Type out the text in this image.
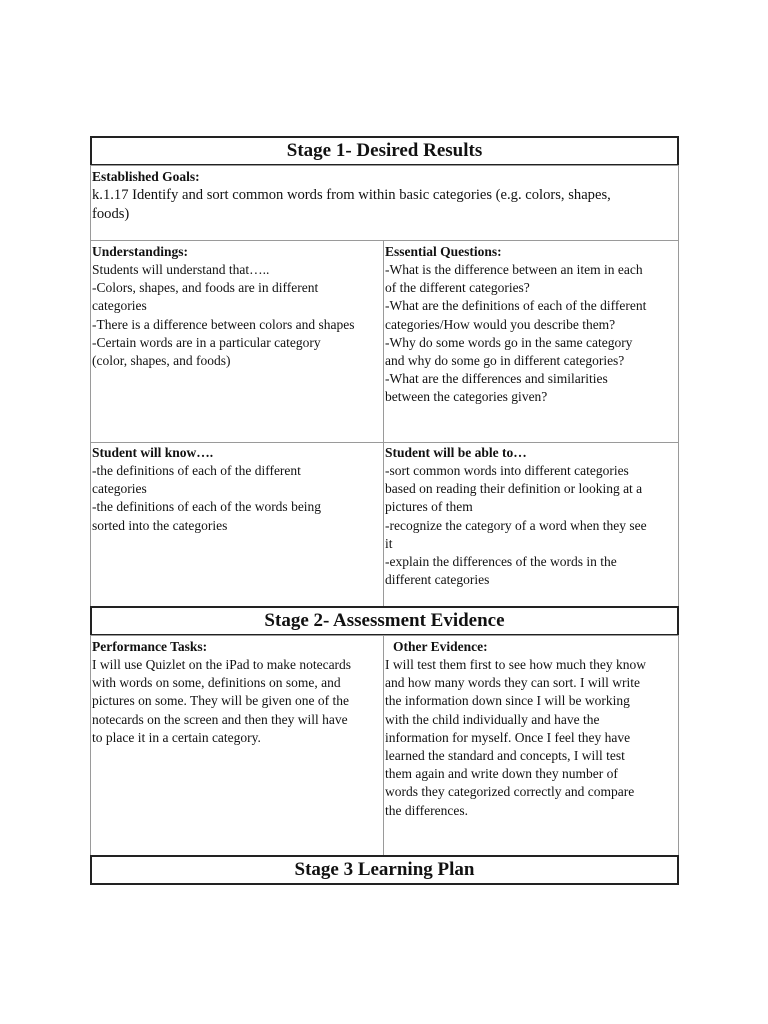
Stage 1- Desired Results
Established Goals:
k.1.17 Identify and sort common words from within basic categories (e.g. colors, shapes,
foods)
Understandings:
Students will understand that…..
-Colors, shapes, and foods are in different
categories
-There is a difference between colors and shapes
-Certain words are in a particular category
(color, shapes, and foods)
Essential Questions:
-What is the difference between an item in each
of the different categories?
-What are the definitions of each of the different
categories/How would you describe them?
-Why do some words go in the same category
and why do some go in different categories?
-What are the differences and similarities
between the categories given?
Student will know….
-the definitions of each of the different
categories
-the definitions of each of the words being
sorted into the categories
Student will be able to…
-sort common words into different categories
based on reading their definition or looking at a
pictures of them
-recognize the category of a word when they see
it
-explain the differences of the words in the
different categories
Stage 2- Assessment Evidence
Performance Tasks:
I will use Quizlet on the iPad to make notecards
with words on some, definitions on some, and
pictures on some. They will be given one of the
notecards on the screen and then they will have
to place it in a certain category.
Other Evidence:
I will test them first to see how much they know
and how many words they can sort. I will write
the information down since I will be working
with the child individually and have the
information for myself. Once I feel they have
learned the standard and concepts, I will test
them again and write down they number of
words they categorized correctly and compare
the differences.
Stage 3 Learning Plan
